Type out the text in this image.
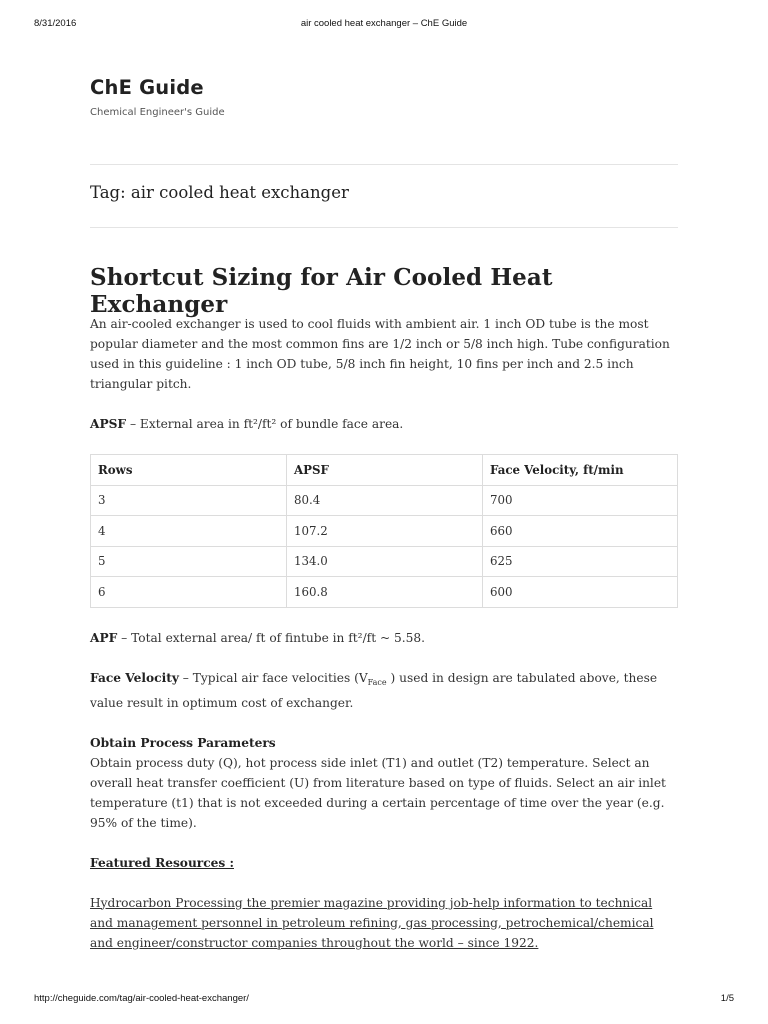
8/31/2016	air cooled heat exchanger – ChE Guide
ChE Guide
Chemical Engineer's Guide
Tag: air cooled heat exchanger
Shortcut Sizing for Air Cooled Heat Exchanger

An air-cooled exchanger is used to cool fluids with ambient air. 1 inch OD tube is the most popular diameter and the most common fins are 1/2 inch or 5/8 inch high. Tube configuration used in this guideline : 1 inch OD tube, 5/8 inch fin height, 10 fins per inch and 2.5 inch triangular pitch.

APSF – External area in ft²/ft² of bundle face area.

Rows	APSF	Face Velocity, ft/min
3	80.4	700
4	107.2	660
5	134.0	625
6	160.8	600

APF – Total external area/ ft of fintube in ft²/ft ~ 5.58.

Face Velocity – Typical air face velocities ($V_{Face}$ ) used in design are tabulated above, these value result in optimum cost of exchanger.

Obtain Process Parameters
Obtain process duty (Q), hot process side inlet (T1) and outlet (T2) temperature. Select an overall heat transfer coefficient (U) from literature based on type of fluids. Select an air inlet temperature (t1) that is not exceeded during a certain percentage of time over the year (e.g. 95% of the time).

Featured Resources :

Hydrocarbon Processing the premier magazine providing job-help information to technical and management personnel in petroleum refining, gas processing, petrochemical/chemical and engineer/constructor companies throughout the world – since 1922.

http://cheguide.com/tag/air-cooled-heat-exchanger/	1/5
